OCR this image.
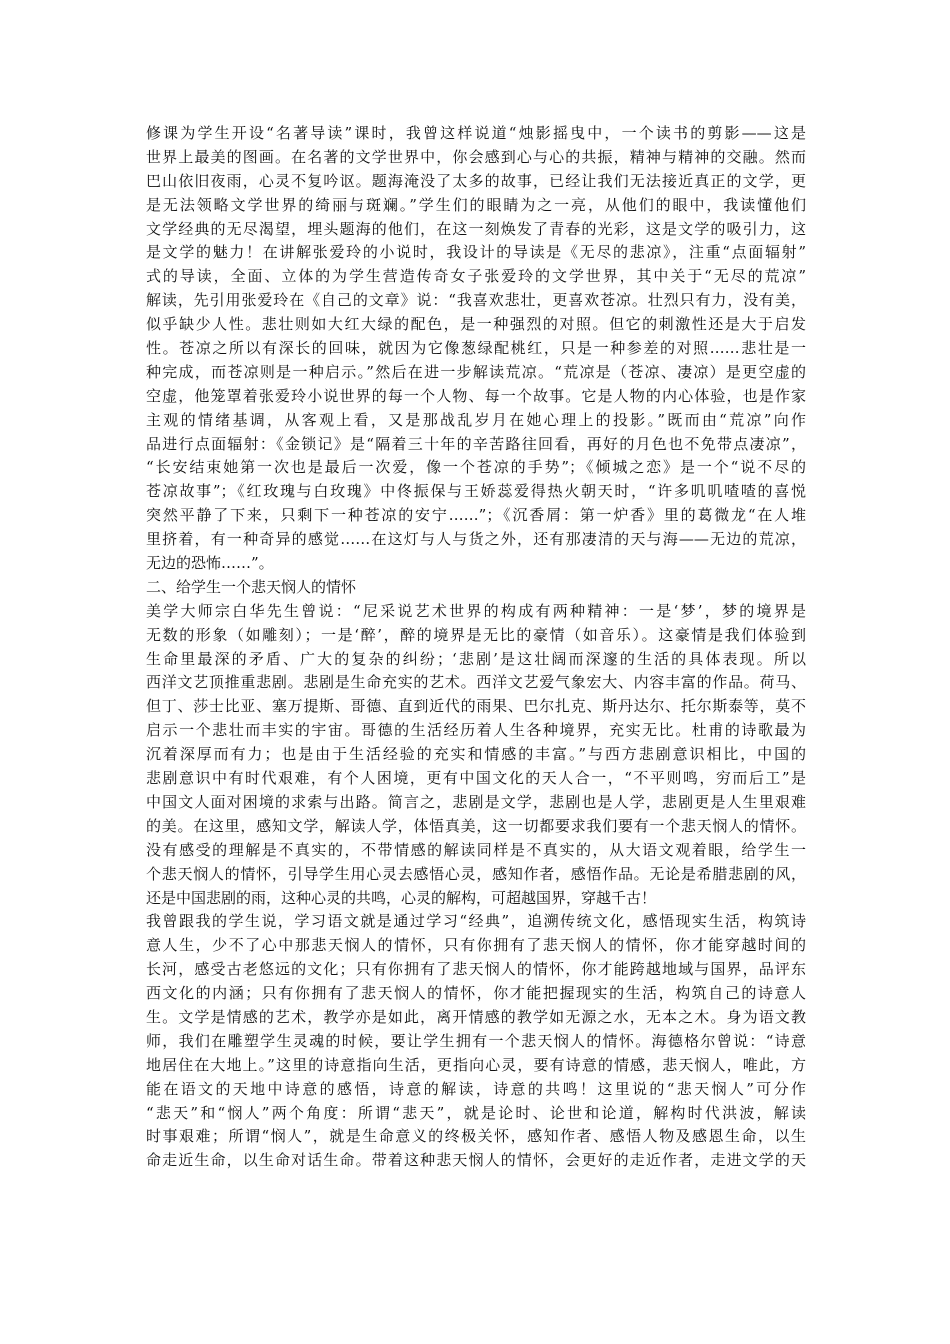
修课为学生开设“名著导读”课时，我曾这样说道“烛影摇曳中，一个读书的剪影——这是
世界上最美的图画。在名著的文学世界中，你会感到心与心的共振，精神与精神的交融。然而
巴山依旧夜雨，心灵不复吟讴。题海淹没了太多的故事，已经让我们无法接近真正的文学，更
是无法领略文学世界的绮丽与斑斓。”学生们的眼睛为之一亮，从他们的眼中，我读懂他们
文学经典的无尽渴望，埋头题海的他们，在这一刻焕发了青春的光彩，这是文学的吸引力，这
是文学的魅力！在讲解张爱玲的小说时，我设计的导读是《无尽的悲凉》，注重“点面辐射”
式的导读，全面、立体的为学生营造传奇女子张爱玲的文学世界，其中关于“无尽的荒凉”
解读，先引用张爱玲在《自己的文章》说：“我喜欢悲壮，更喜欢苍凉。壮烈只有力，没有美，
似乎缺少人性。悲壮则如大红大绿的配色，是一种强烈的对照。但它的刺激性还是大于启发
性。苍凉之所以有深长的回味，就因为它像葱绿配桃红，只是一种参差的对照……悲壮是一
种完成，而苍凉则是一种启示。”然后在进一步解读荒凉。“荒凉是（苍凉、凄凉）是更空虚的
空虚，他笼罩着张爱玲小说世界的每一个人物、每一个故事。它是人物的内心体验，也是作家
主观的情绪基调，从客观上看，又是那战乱岁月在她心理上的投影。”既而由“荒凉”向作
品进行点面辐射：《金锁记》是“隔着三十年的辛苦路往回看，再好的月色也不免带点凄凉”，
“长安结束她第一次也是最后一次爱，像一个苍凉的手势”；《倾城之恋》是一个“说不尽的
苍凉故事”；《红玫瑰与白玫瑰》中佟振保与王娇蕊爱得热火朝天时，“许多叽叽喳喳的喜悦
突然平静了下来，只剩下一种苍凉的安宁……”；《沉香屑：第一炉香》里的葛微龙“在人堆
里挤着，有一种奇异的感觉……在这灯与人与货之外，还有那凄清的天与海——无边的荒凉，
无边的恐怖……”。
二、给学生一个悲天悯人的情怀
美学大师宗白华先生曾说：“尼采说艺术世界的构成有两种精神：一是‘梦’，梦的境界是
无数的形象（如雕刻）；一是‘醉’，醉的境界是无比的豪情（如音乐）。这豪情是我们体验到
生命里最深的矛盾、广大的复杂的纠纷；‘悲剧’是这壮阔而深邃的生活的具体表现。所以
西洋文艺顶推重悲剧。悲剧是生命充实的艺术。西洋文艺爱气象宏大、内容丰富的作品。荷马、
但丁、莎士比亚、塞万提斯、哥德、直到近代的雨果、巴尔扎克、斯丹达尔、托尔斯泰等，莫不
启示一个悲壮而丰实的宇宙。哥德的生活经历着人生各种境界，充实无比。杜甫的诗歌最为
沉着深厚而有力；也是由于生活经验的充实和情感的丰富。”与西方悲剧意识相比，中国的
悲剧意识中有时代艰难，有个人困境，更有中国文化的天人合一，“不平则鸣，穷而后工”是
中国文人面对困境的求索与出路。简言之，悲剧是文学，悲剧也是人学，悲剧更是人生里艰难
的美。在这里，感知文学，解读人学，体悟真美，这一切都要求我们要有一个悲天悯人的情怀。
没有感受的理解是不真实的，不带情感的解读同样是不真实的，从大语文观着眼，给学生一
个悲天悯人的情怀，引导学生用心灵去感悟心灵，感知作者，感悟作品。无论是希腊悲剧的风，
还是中国悲剧的雨，这种心灵的共鸣，心灵的解构，可超越国界，穿越千古！
我曾跟我的学生说，学习语文就是通过学习“经典”，追溯传统文化，感悟现实生活，构筑诗
意人生，少不了心中那悲天悯人的情怀，只有你拥有了悲天悯人的情怀，你才能穿越时间的
长河，感受古老悠远的文化；只有你拥有了悲天悯人的情怀，你才能跨越地域与国界，品评东
西文化的内涵；只有你拥有了悲天悯人的情怀，你才能把握现实的生活，构筑自己的诗意人
生。文学是情感的艺术，教学亦是如此，离开情感的教学如无源之水，无本之木。身为语文教
师，我们在雕塑学生灵魂的时候，要让学生拥有一个悲天悯人的情怀。海德格尔曾说：“诗意
地居住在大地上。”这里的诗意指向生活，更指向心灵，要有诗意的情感，悲天悯人，唯此，方
能在语文的天地中诗意的感悟，诗意的解读，诗意的共鸣！这里说的“悲天悯人”可分作
“悲天”和“悯人”两个角度：所谓“悲天”，就是论时、论世和论道，解构时代洪波，解读
时事艰难；所谓“悯人”，就是生命意义的终极关怀，感知作者、感悟人物及感恩生命，以生
命走近生命，以生命对话生命。带着这种悲天悯人的情怀，会更好的走近作者，走进文学的天
